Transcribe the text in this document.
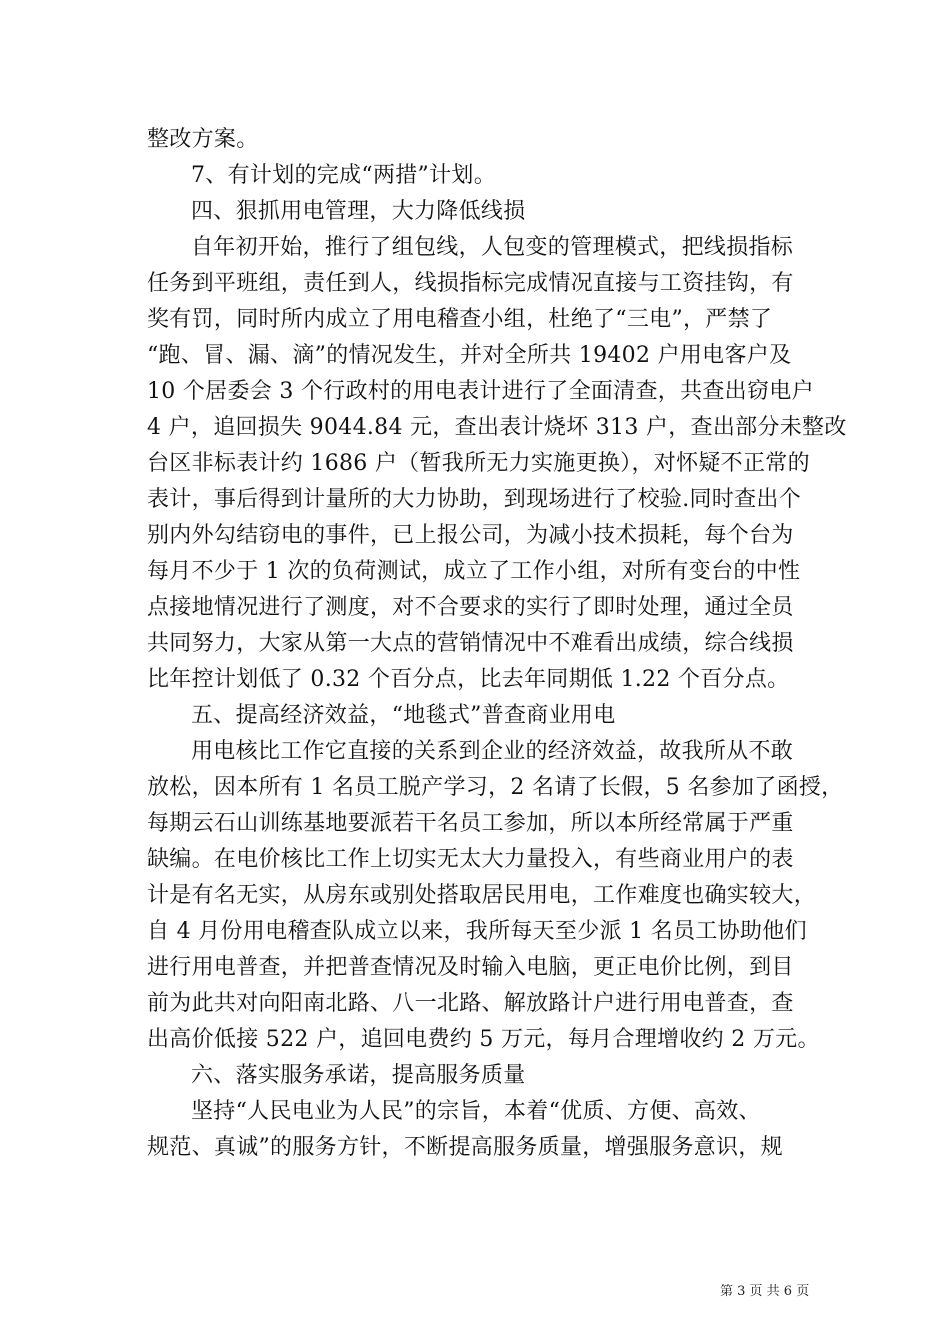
整改方案。
7、有计划的完成“两措”计划。
四、狠抓用电管理，大力降低线损
自年初开始，推行了组包线，人包变的管理模式，把线损指标
任务到平班组，责任到人，线损指标完成情况直接与工资挂钩，有
奖有罚，同时所内成立了用电稽查小组，杜绝了“三电”，严禁了
“跑、冒、漏、滴”的情况发生，并对全所共 19402 户用电客户及
10 个居委会 3 个行政村的用电表计进行了全面清查，共查出窃电户
4 户，追回损失 9044.84 元，查出表计烧坏 313 户，查出部分未整改
台区非标表计约 1686 户（暂我所无力实施更换），对怀疑不正常的
表计，事后得到计量所的大力协助，到现场进行了校验.同时查出个
别内外勾结窃电的事件，已上报公司，为减小技术损耗，每个台为
每月不少于 1 次的负荷测试，成立了工作小组，对所有变台的中性
点接地情况进行了测度，对不合要求的实行了即时处理，通过全员
共同努力，大家从第一大点的营销情况中不难看出成绩，综合线损
比年控计划低了 0.32 个百分点，比去年同期低 1.22 个百分点。
五、提高经济效益，“地毯式”普查商业用电
用电核比工作它直接的关系到企业的经济效益，故我所从不敢
放松，因本所有 1 名员工脱产学习，2 名请了长假，5 名参加了函授，
每期云石山训练基地要派若干名员工参加，所以本所经常属于严重
缺编。在电价核比工作上切实无太大力量投入，有些商业用户的表
计是有名无实，从房东或别处搭取居民用电，工作难度也确实较大，
自 4 月份用电稽查队成立以来，我所每天至少派 1 名员工协助他们
进行用电普查，并把普查情况及时输入电脑，更正电价比例，到目
前为此共对向阳南北路、八一北路、解放路计户进行用电普查，查
出高价低接 522 户，追回电费约 5 万元，每月合理增收约 2 万元。
六、落实服务承诺，提高服务质量
坚持“人民电业为人民”的宗旨，本着“优质、方便、高效、
规范、真诚”的服务方针，不断提高服务质量，增强服务意识，规
第 3 页 共 6 页
